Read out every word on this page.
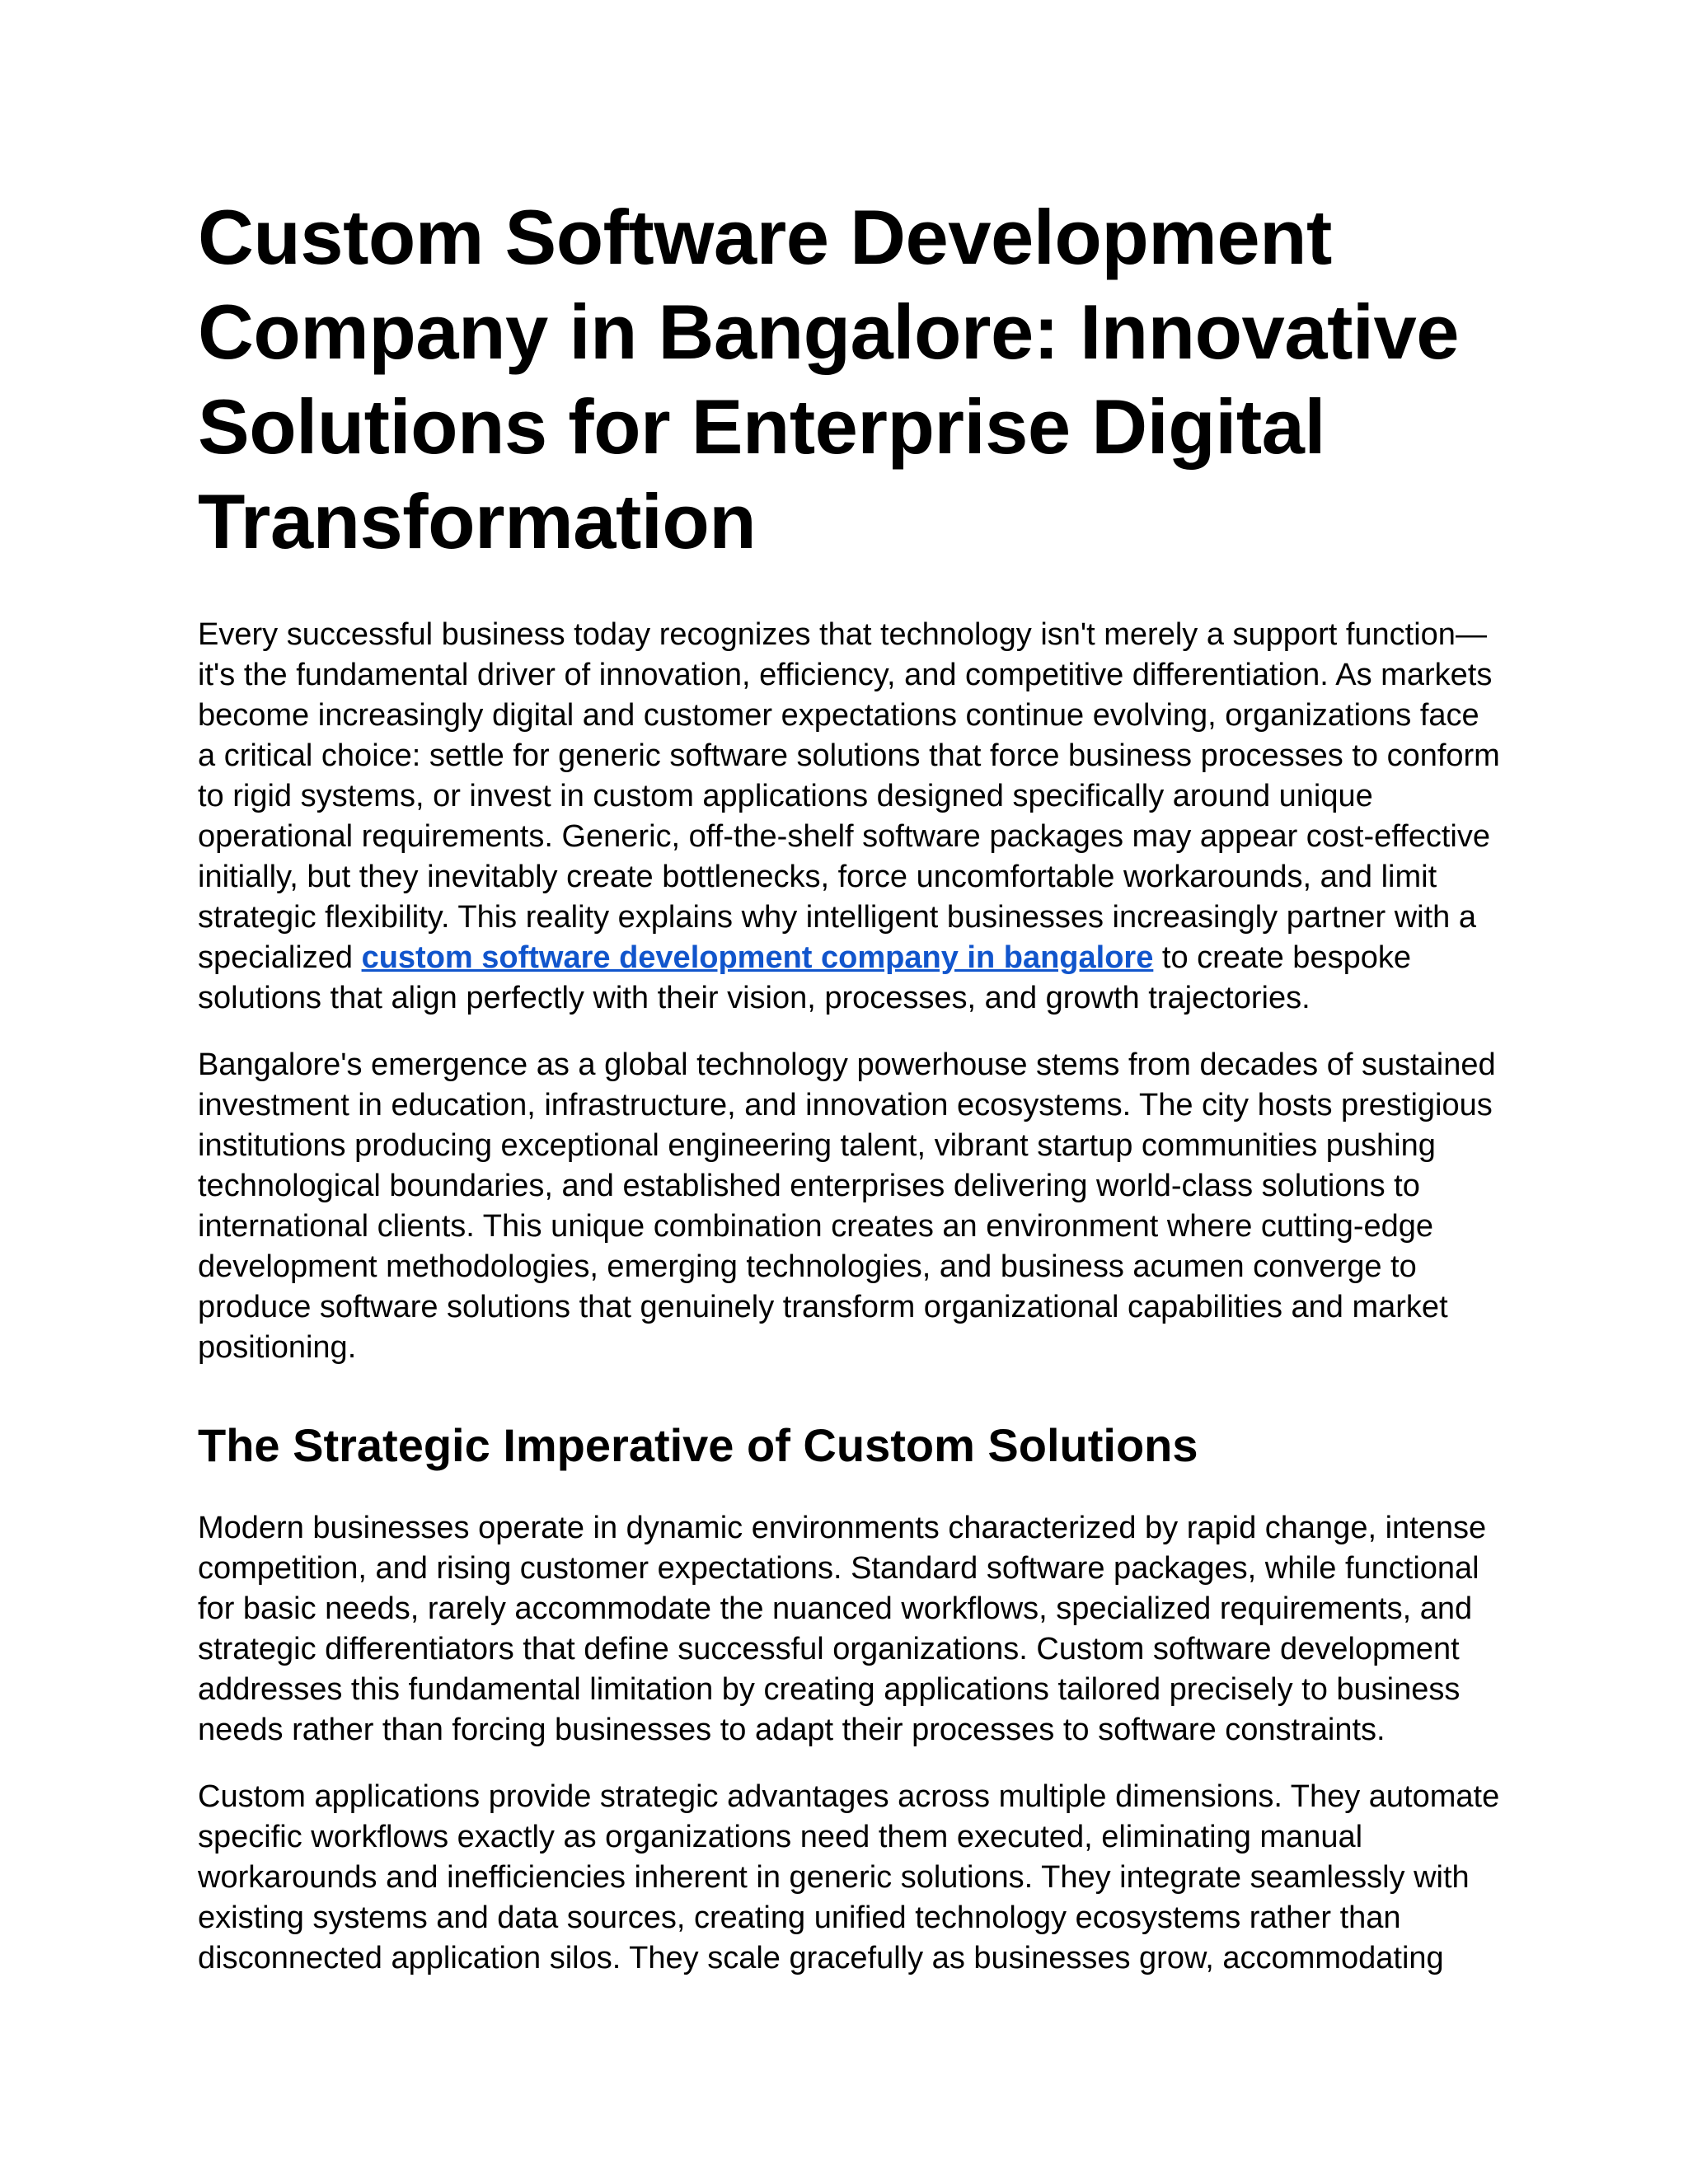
Custom Software Development Company in Bangalore: Innovative Solutions for Enterprise Digital Transformation

Every successful business today recognizes that technology isn't merely a support function—it's the fundamental driver of innovation, efficiency, and competitive differentiation. As markets become increasingly digital and customer expectations continue evolving, organizations face a critical choice: settle for generic software solutions that force business processes to conform to rigid systems, or invest in custom applications designed specifically around unique operational requirements. Generic, off-the-shelf software packages may appear cost-effective initially, but they inevitably create bottlenecks, force uncomfortable workarounds, and limit strategic flexibility. This reality explains why intelligent businesses increasingly partner with a specialized custom software development company in bangalore to create bespoke solutions that align perfectly with their vision, processes, and growth trajectories.

Bangalore's emergence as a global technology powerhouse stems from decades of sustained investment in education, infrastructure, and innovation ecosystems. The city hosts prestigious institutions producing exceptional engineering talent, vibrant startup communities pushing technological boundaries, and established enterprises delivering world-class solutions to international clients. This unique combination creates an environment where cutting-edge development methodologies, emerging technologies, and business acumen converge to produce software solutions that genuinely transform organizational capabilities and market positioning.

The Strategic Imperative of Custom Solutions

Modern businesses operate in dynamic environments characterized by rapid change, intense competition, and rising customer expectations. Standard software packages, while functional for basic needs, rarely accommodate the nuanced workflows, specialized requirements, and strategic differentiators that define successful organizations. Custom software development addresses this fundamental limitation by creating applications tailored precisely to business needs rather than forcing businesses to adapt their processes to software constraints.

Custom applications provide strategic advantages across multiple dimensions. They automate specific workflows exactly as organizations need them executed, eliminating manual workarounds and inefficiencies inherent in generic solutions. They integrate seamlessly with existing systems and data sources, creating unified technology ecosystems rather than disconnected application silos. They scale gracefully as businesses grow, accommodating
